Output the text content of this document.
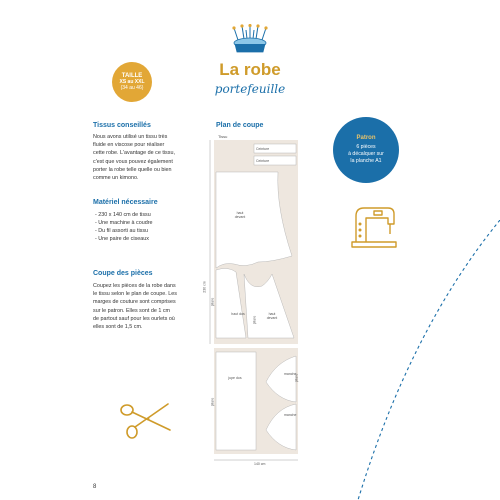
La robe
portefeuille
TAILLE
XS au XXL
(34 au 46)
Tissus conseillés
Nous avons utilisé un tissu très
fluide en viscose pour réaliser
cette robe. L'avantage de ce tissu,
c'est que vous pouvez également
porter la robe telle quelle ou bien
comme un kimono.
Matériel nécessaire
- 230 x 140 cm de tissu
- Une machine à coudre
- Du fil assorti au tissu
- Une paire de ciseaux
Coupe des pièces
Coupez les pièces de la robe dans
le tissu selon le plan de coupe. Les
marges de couture sont comprises
sur le patron. Elles sont de 1 cm
de partout sauf pour les ourlets où
elles sont de 1,5 cm.
Plan de coupe
Tissu
Ceinture
Ceinture
haut devant
haut dos	haut devant
jupe dos
manche
manche
pliure
pliure
pliure
pliure
230 cm
140 cm
Patron
6 pièces
à décalquer sur
la planche A1
8
